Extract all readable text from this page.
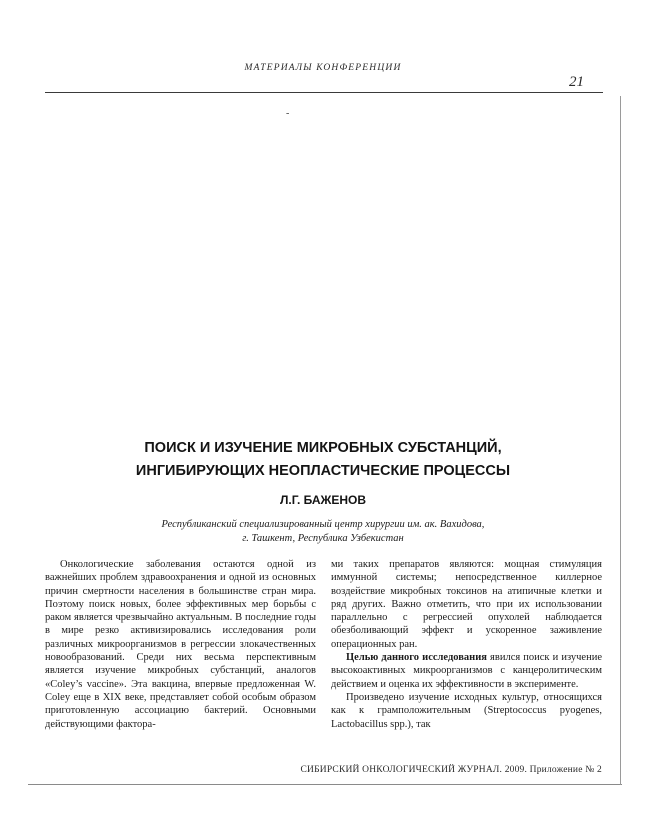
МАТЕРИАЛЫ КОНФЕРЕНЦИИ
21
-
ПОИСК И ИЗУЧЕНИЕ МИКРОБНЫХ СУБСТАНЦИЙ,
ИНГИБИРУЮЩИХ НЕОПЛАСТИЧЕСКИЕ ПРОЦЕССЫ
Л.Г. БАЖЕНОВ
Республиканский специализированный центр хирургии им. ак. Вахидова,
г. Ташкент, Республика Узбекистан

Онкологические заболевания остаются одной из важнейших проблем здравоохранения и одной из основных причин смертности населения в большинстве стран мира. Поэтому поиск новых, более эффективных мер борьбы с раком является чрезвычайно актуальным. В последние годы в мире резко активизировались исследования роли различных микроорганизмов в регрессии злокачественных новообразований. Среди них весьма перспективным является изучение микробных субстанций, аналогов «Coley’s vaccine». Эта вакцина, впервые предложенная W. Coley еще в XIX веке, представляет собой особым образом приготовленную ассоциацию бактерий. Основными действующими фактора-

ми таких препаратов являются: мощная стимуляция иммунной системы; непосредственное киллерное воздействие микробных токсинов на атипичные клетки и ряд других. Важно отметить, что при их использовании параллельно с регрессией опухолей наблюдается обезболивающий эффект и ускоренное заживление операционных ран.

Целью данного исследования явился поиск и изучение высокоактивных микроорганизмов с канцеролитическим действием и оценка их эффективности в эксперименте.

Произведено изучение исходных культур, относящихся как к грамположительным (Streptococcus pyogenes, Lactobacillus spp.), так

СИБИРСКИЙ ОНКОЛОГИЧЕСКИЙ ЖУРНАЛ. 2009. Приложение № 2
